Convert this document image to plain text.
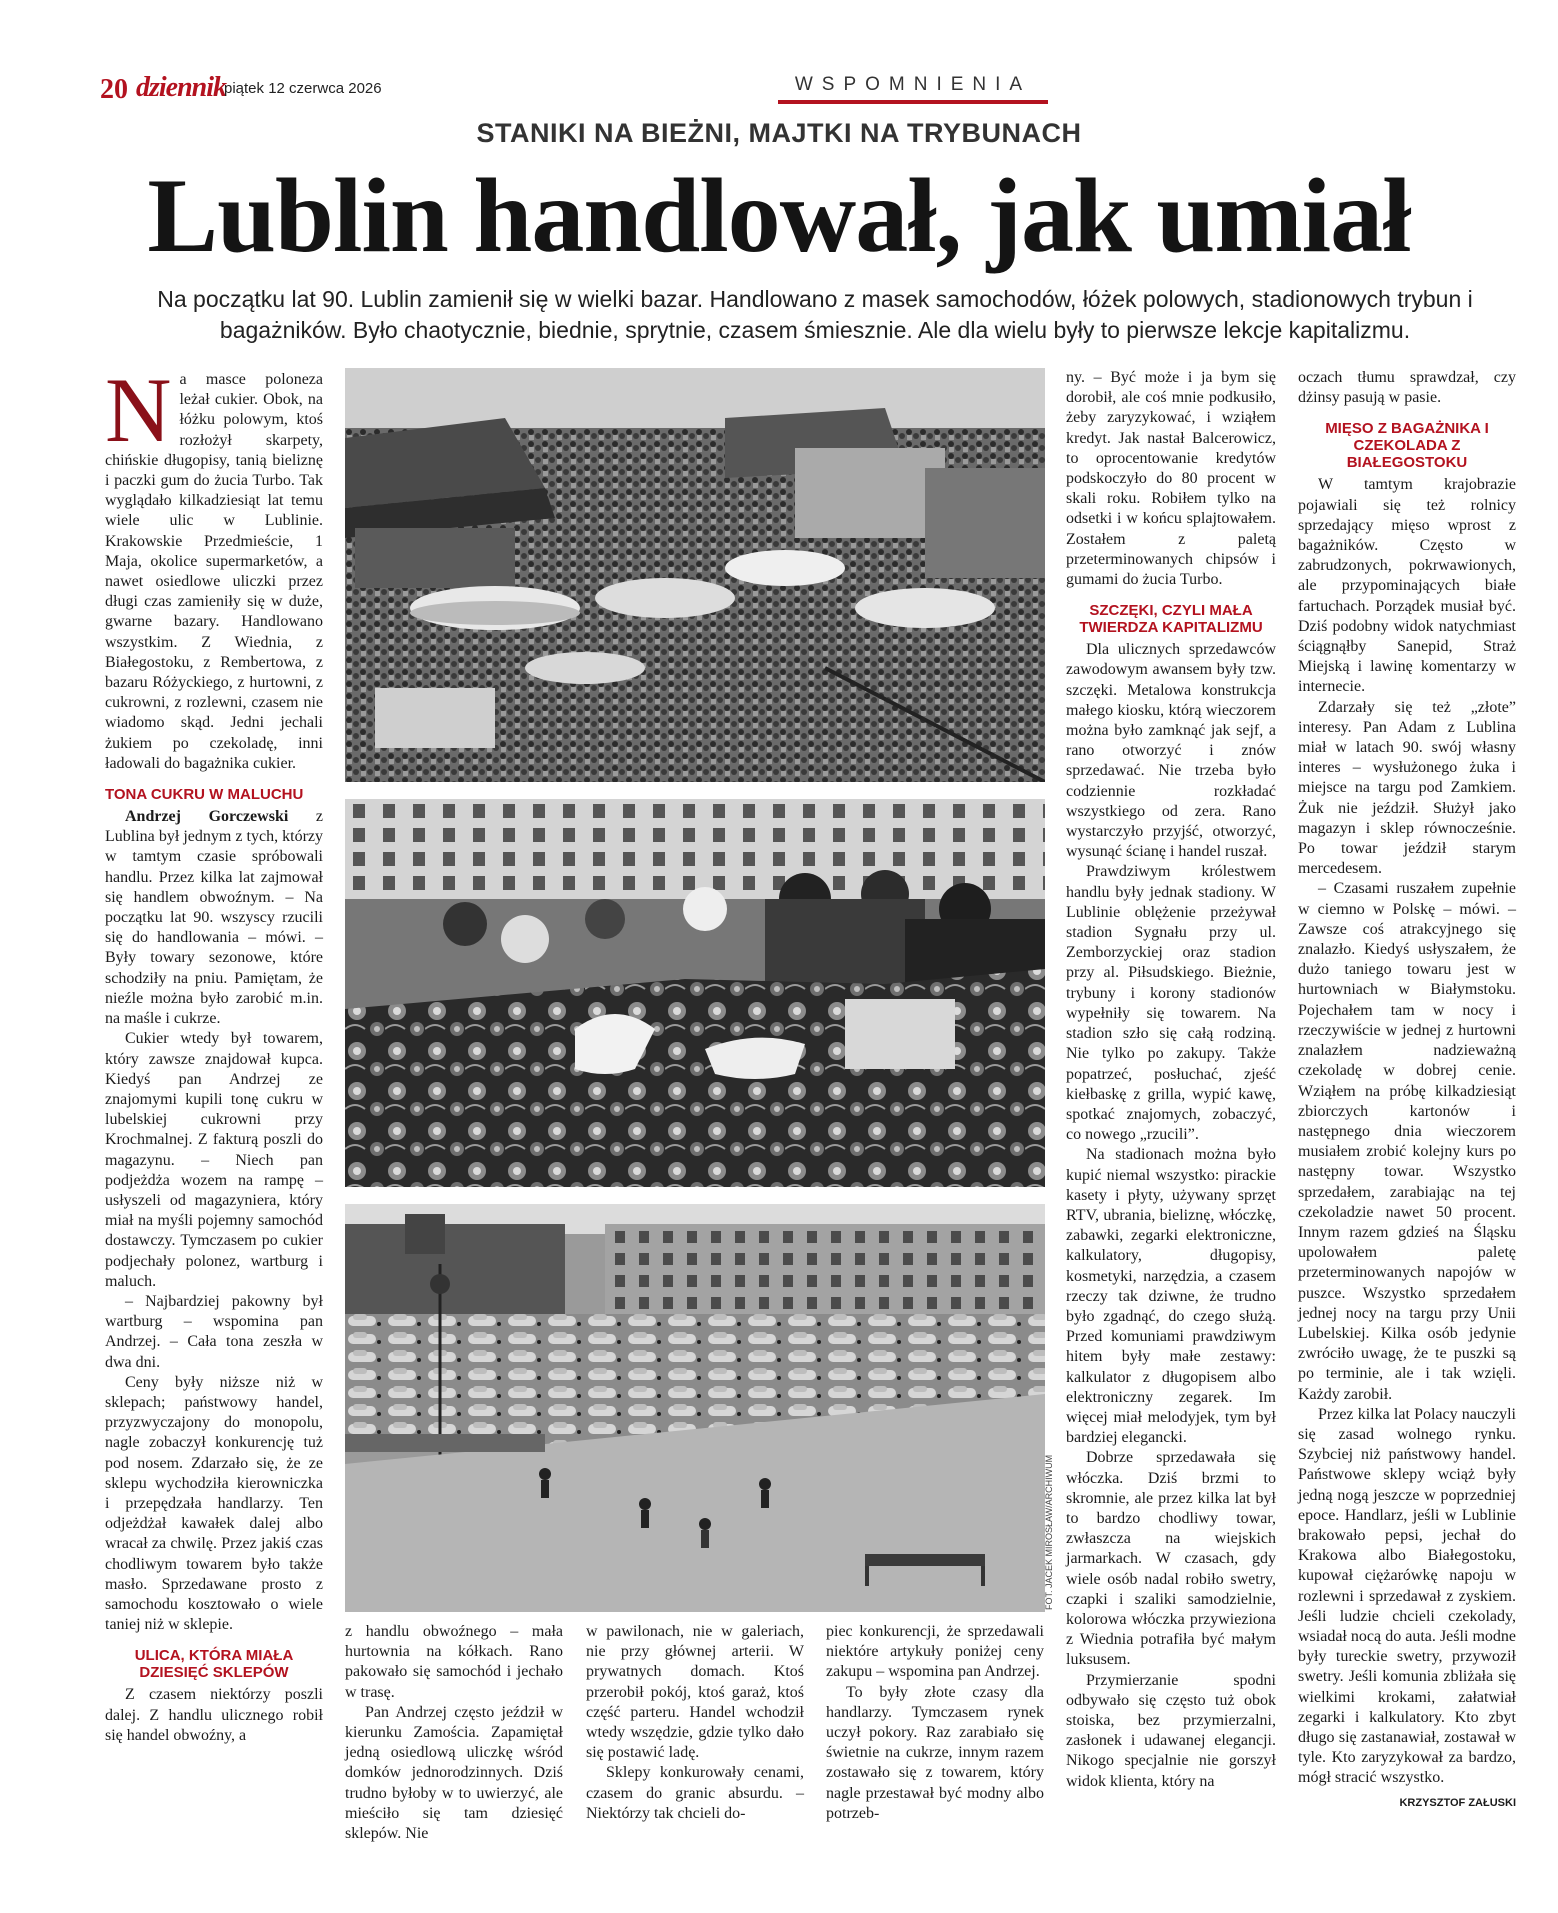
20 dziennik
piątek 12 czerwca 2026	WSPOMNIENIA
STANIKI NA BIEŻNI, MAJTKI NA TRYBUNACH
Lublin handlował, jak umiał
Na początku lat 90. Lublin zamienił się w wielki bazar. Handlowano z masek samochodów, łóżek polowych, stadionowych trybun i bagażników. Było chaotycznie, biednie, sprytnie, czasem śmiesznie. Ale dla wielu były to pierwsze lekcje kapitalizmu.

Na masce poloneza leżał cukier. Obok, na łóżku polowym, ktoś rozłożył skarpety, chińskie długopisy, tanią bieliznę i paczki gum do żucia Turbo. Tak wyglądało kilkadziesiąt lat temu wiele ulic w Lublinie. Krakowskie Przedmieście, 1 Maja, okolice supermarketów, a nawet osiedlowe uliczki przez długi czas zamieniły się w duże, gwarne bazary. Handlowano wszystkim. Z Wiednia, z Białegostoku, z Rembertowa, z bazaru Różyckiego, z hurtowni, z cukrowni, z rozlewni, czasem nie wiadomo skąd. Jedni jechali żukiem po czekoladę, inni ładowali do bagażnika cukier.

TONA CUKRU W MALUCHU

Andrzej Gorczewski z Lublina był jednym z tych, którzy w tamtym czasie spróbowali handlu. Przez kilka lat zajmował się handlem obwoźnym. – Na początku lat 90. wszyscy rzucili się do handlowania – mówi. – Były towary sezonowe, które schodziły na pniu. Pamiętam, że nieźle można było zarobić m.in. na maśle i cukrze.

Cukier wtedy był towarem, który zawsze znajdował kupca. Kiedyś pan Andrzej ze znajomymi kupili tonę cukru w lubelskiej cukrowni przy Krochmalnej. Z fakturą poszli do magazynu. – Niech pan podjeżdża wozem na rampę – usłyszeli od magazyniera, który miał na myśli pojemny samochód dostawczy. Tymczasem po cukier podjechały polonez, wartburg i maluch.

– Najbardziej pakowny był wartburg – wspomina pan Andrzej. – Cała tona zeszła w dwa dni.

Ceny były niższe niż w sklepach; państwowy handel, przyzwyczajony do monopolu, nagle zobaczył konkurencję tuż pod nosem. Zdarzało się, że ze sklepu wychodziła kierowniczka i przepędzała handlarzy. Ten odjeżdżał kawałek dalej albo wracał za chwilę. Przez jakiś czas chodliwym towarem było także masło. Sprzedawane prosto z samochodu kosztowało o wiele taniej niż w sklepie.

ULICA, KTÓRA MIAŁA DZIESIĘĆ SKLEPÓW

Z czasem niektórzy poszli dalej. Z handlu ulicznego robił się handel obwoźny, a

FOT. JACEK MIROSŁAW/ARCHIWUM

z handlu obwoźnego – mała hurtownia na kółkach. Rano pakowało się samochód i jechało w trasę.

Pan Andrzej często jeździł w kierunku Zamościa. Zapamiętał jedną osiedlową uliczkę wśród domków jednorodzinnych. Dziś trudno byłoby w to uwierzyć, ale mieściło się tam dziesięć sklepów. Nie

w pawilonach, nie w galeriach, nie przy głównej arterii. W prywatnych domach. Ktoś przerobił pokój, ktoś garaż, ktoś część parteru. Handel wchodził wtedy wszędzie, gdzie tylko dało się postawić ladę.

Sklepy konkurowały cenami, czasem do granic absurdu. – Niektórzy tak chcieli do-

piec konkurencji, że sprzedawali niektóre artykuły poniżej ceny zakupu – wspomina pan Andrzej.

To były złote czasy dla handlarzy. Tymczasem rynek uczył pokory. Raz zarabiało się świetnie na cukrze, innym razem zostawało się z towarem, który nagle przestawał być modny albo potrzeb-

ny. – Być może i ja bym się dorobił, ale coś mnie podkusiło, żeby zaryzykować, i wziąłem kredyt. Jak nastał Balcerowicz, to oprocentowanie kredytów podskoczyło do 80 procent w skali roku. Robiłem tylko na odsetki i w końcu splajtowałem. Zostałem z paletą przeterminowanych chipsów i gumami do żucia Turbo.

SZCZĘKI, CZYLI MAŁA TWIERDZA KAPITALIZMU

Dla ulicznych sprzedawców zawodowym awansem były tzw. szczęki. Metalowa konstrukcja małego kiosku, którą wieczorem można było zamknąć jak sejf, a rano otworzyć i znów sprzedawać. Nie trzeba było codziennie rozkładać wszystkiego od zera. Rano wystarczyło przyjść, otworzyć, wysunąć ścianę i handel ruszał.

Prawdziwym królestwem handlu były jednak stadiony. W Lublinie oblężenie przeżywał stadion Sygnału przy ul. Zemborzyckiej oraz stadion przy al. Piłsudskiego. Bieżnie, trybuny i korony stadionów wypełniły się towarem. Na stadion szło się całą rodziną. Nie tylko po zakupy. Także popatrzeć, posłuchać, zjeść kiełbaskę z grilla, wypić kawę, spotkać znajomych, zobaczyć, co nowego „rzucili”.

Na stadionach można było kupić niemal wszystko: pirackie kasety i płyty, używany sprzęt RTV, ubrania, bieliznę, włóczkę, zabawki, zegarki elektroniczne, kalkulatory, długopisy, kosmetyki, narzędzia, a czasem rzeczy tak dziwne, że trudno było zgadnąć, do czego służą. Przed komuniami prawdziwym hitem były małe zestawy: kalkulator z długopisem albo elektroniczny zegarek. Im więcej miał melodyjek, tym był bardziej elegancki.

Dobrze sprzedawała się włóczka. Dziś brzmi to skromnie, ale przez kilka lat był to bardzo chodliwy towar, zwłaszcza na wiejskich jarmarkach. W czasach, gdy wiele osób nadal robiło swetry, czapki i szaliki samodzielnie, kolorowa włóczka przywieziona z Wiednia potrafiła być małym luksusem.

Przymierzanie spodni odbywało się często tuż obok stoiska, bez przymierzalni, zasłonek i udawanej elegancji. Nikogo specjalnie nie gorszył widok klienta, który na

oczach tłumu sprawdzał, czy dżinsy pasują w pasie.

MIĘSO Z BAGAŻNIKA I CZEKOLADA Z BIAŁEGOSTOKU

W tamtym krajobrazie pojawiali się też rolnicy sprzedający mięso wprost z bagażników. Często w zabrudzonych, pokrwawionych, ale przypominających białe fartuchach. Porządek musiał być. Dziś podobny widok natychmiast ściągnąłby Sanepid, Straż Miejską i lawinę komentarzy w internecie.

Zdarzały się też „złote” interesy. Pan Adam z Lublina miał w latach 90. swój własny interes – wysłużonego żuka i miejsce na targu pod Zamkiem. Żuk nie jeździł. Służył jako magazyn i sklep równocześnie. Po towar jeździł starym mercedesem.

– Czasami ruszałem zupełnie w ciemno w Polskę – mówi. – Zawsze coś atrakcyjnego się znalazło. Kiedyś usłyszałem, że dużo taniego towaru jest w hurtowniach w Białymstoku. Pojechałem tam w nocy i rzeczywiście w jednej z hurtowni znalazłem nadzieważną czekoladę w dobrej cenie. Wziąłem na próbę kilkadziesiąt zbiorczych kartonów i następnego dnia wieczorem musiałem zrobić kolejny kurs po następny towar. Wszystko sprzedałem, zarabiając na tej czekoladzie nawet 50 procent. Innym razem gdzieś na Śląsku upolowałem paletę przeterminowanych napojów w puszce. Wszystko sprzedałem jednej nocy na targu przy Unii Lubelskiej. Kilka osób jedynie zwróciło uwagę, że te puszki są po terminie, ale i tak wzięli. Każdy zarobił.

Przez kilka lat Polacy nauczyli się zasad wolnego rynku. Szybciej niż państwowy handel. Państwowe sklepy wciąż były jedną nogą jeszcze w poprzedniej epoce. Handlarz, jeśli w Lublinie brakowało pepsi, jechał do Krakowa albo Białegostoku, kupował ciężarówkę napoju w rozlewni i sprzedawał z zyskiem. Jeśli ludzie chcieli czekolady, wsiadał nocą do auta. Jeśli modne były tureckie swetry, przywoził swetry. Jeśli komunia zbliżała się wielkimi krokami, załatwiał zegarki i kalkulatory. Kto zbyt długo się zastanawiał, zostawał w tyle. Kto zaryzykował za bardzo, mógł stracić wszystko.

KRZYSZTOF ZAŁUSKI
